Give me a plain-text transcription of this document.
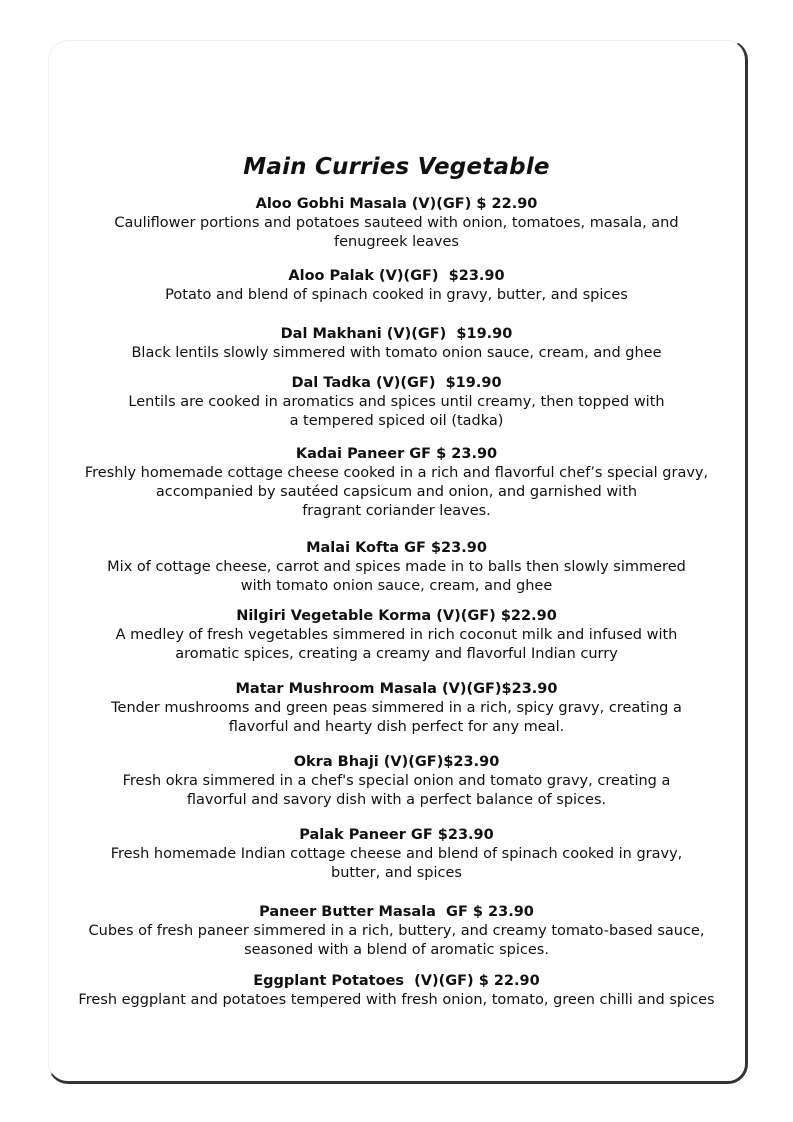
Main Curries Vegetable
Aloo Gobhi Masala (V)(GF) $ 22.90
Cauliflower portions and potatoes sauteed with onion, tomatoes, masala, and
fenugreek leaves
Aloo Palak (V)(GF)  $23.90
Potato and blend of spinach cooked in gravy, butter, and spices
Dal Makhani (V)(GF)  $19.90
Black lentils slowly simmered with tomato onion sauce, cream, and ghee
Dal Tadka (V)(GF)  $19.90
Lentils are cooked in aromatics and spices until creamy, then topped with
a tempered spiced oil (tadka)
Kadai Paneer GF $ 23.90
Freshly homemade cottage cheese cooked in a rich and flavorful chef’s special gravy,
accompanied by sautéed capsicum and onion, and garnished with
fragrant coriander leaves.
Malai Kofta GF $23.90
Mix of cottage cheese, carrot and spices made in to balls then slowly simmered
with tomato onion sauce, cream, and ghee
Nilgiri Vegetable Korma (V)(GF) $22.90
A medley of fresh vegetables simmered in rich coconut milk and infused with
aromatic spices, creating a creamy and flavorful Indian curry
Matar Mushroom Masala (V)(GF)$23.90
Tender mushrooms and green peas simmered in a rich, spicy gravy, creating a
flavorful and hearty dish perfect for any meal.
Okra Bhaji (V)(GF)$23.90
Fresh okra simmered in a chef's special onion and tomato gravy, creating a
flavorful and savory dish with a perfect balance of spices.
Palak Paneer GF $23.90
Fresh homemade Indian cottage cheese and blend of spinach cooked in gravy,
butter, and spices
Paneer Butter Masala  GF $ 23.90
Cubes of fresh paneer simmered in a rich, buttery, and creamy tomato-based sauce,
seasoned with a blend of aromatic spices.
Eggplant Potatoes  (V)(GF) $ 22.90
Fresh eggplant and potatoes tempered with fresh onion, tomato, green chilli and spices
